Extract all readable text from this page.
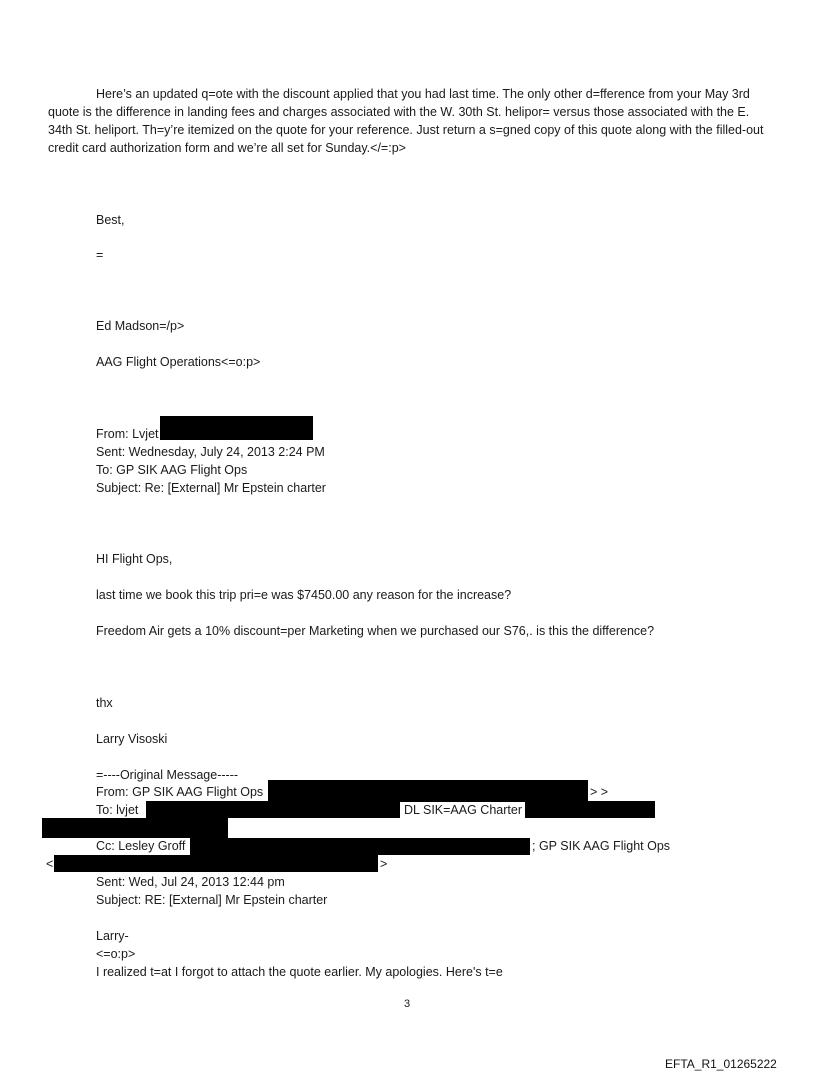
Here’s an updated q=ote with the discount applied that you had last time. The only other d=fference from your May 3rd quote is the difference in landing fees and charges associated with the W. 30th St. helipor= versus those associated with the E. 34th St. heliport. Th=y’re itemized on the quote for your reference. Just return a s=gned copy of this quote along with the filled-out credit card authorization form and we’re all set for Sunday.</=:p>
Best,
=
Ed Madson=/p>
AAG Flight Operations<=o:p>
From: Lvjet
Sent: Wednesday, July 24, 2013 2:24 PM
To: GP SIK AAG Flight Ops
Subject: Re: [External] Mr Epstein charter
HI Flight Ops,
last time we book this trip pri=e was $7450.00 any reason for the increase?
Freedom Air gets a 10% discount=per Marketing when we purchased our S76,. is this the difference?
thx
Larry Visoski
=----Original Message-----
From: GP SIK AAG Flight Ops	> >
To: lvjet	DL SIK=AAG Charter
Cc: Lesley Groff	; GP SIK AAG Flight Ops
<	>
Sent: Wed, Jul 24, 2013 12:44 pm
Subject: RE: [External] Mr Epstein charter
Larry-
<=o:p>
I realized t=at I forgot to attach the quote earlier. My apologies. Here's t=e
3
EFTA_R1_01265222
